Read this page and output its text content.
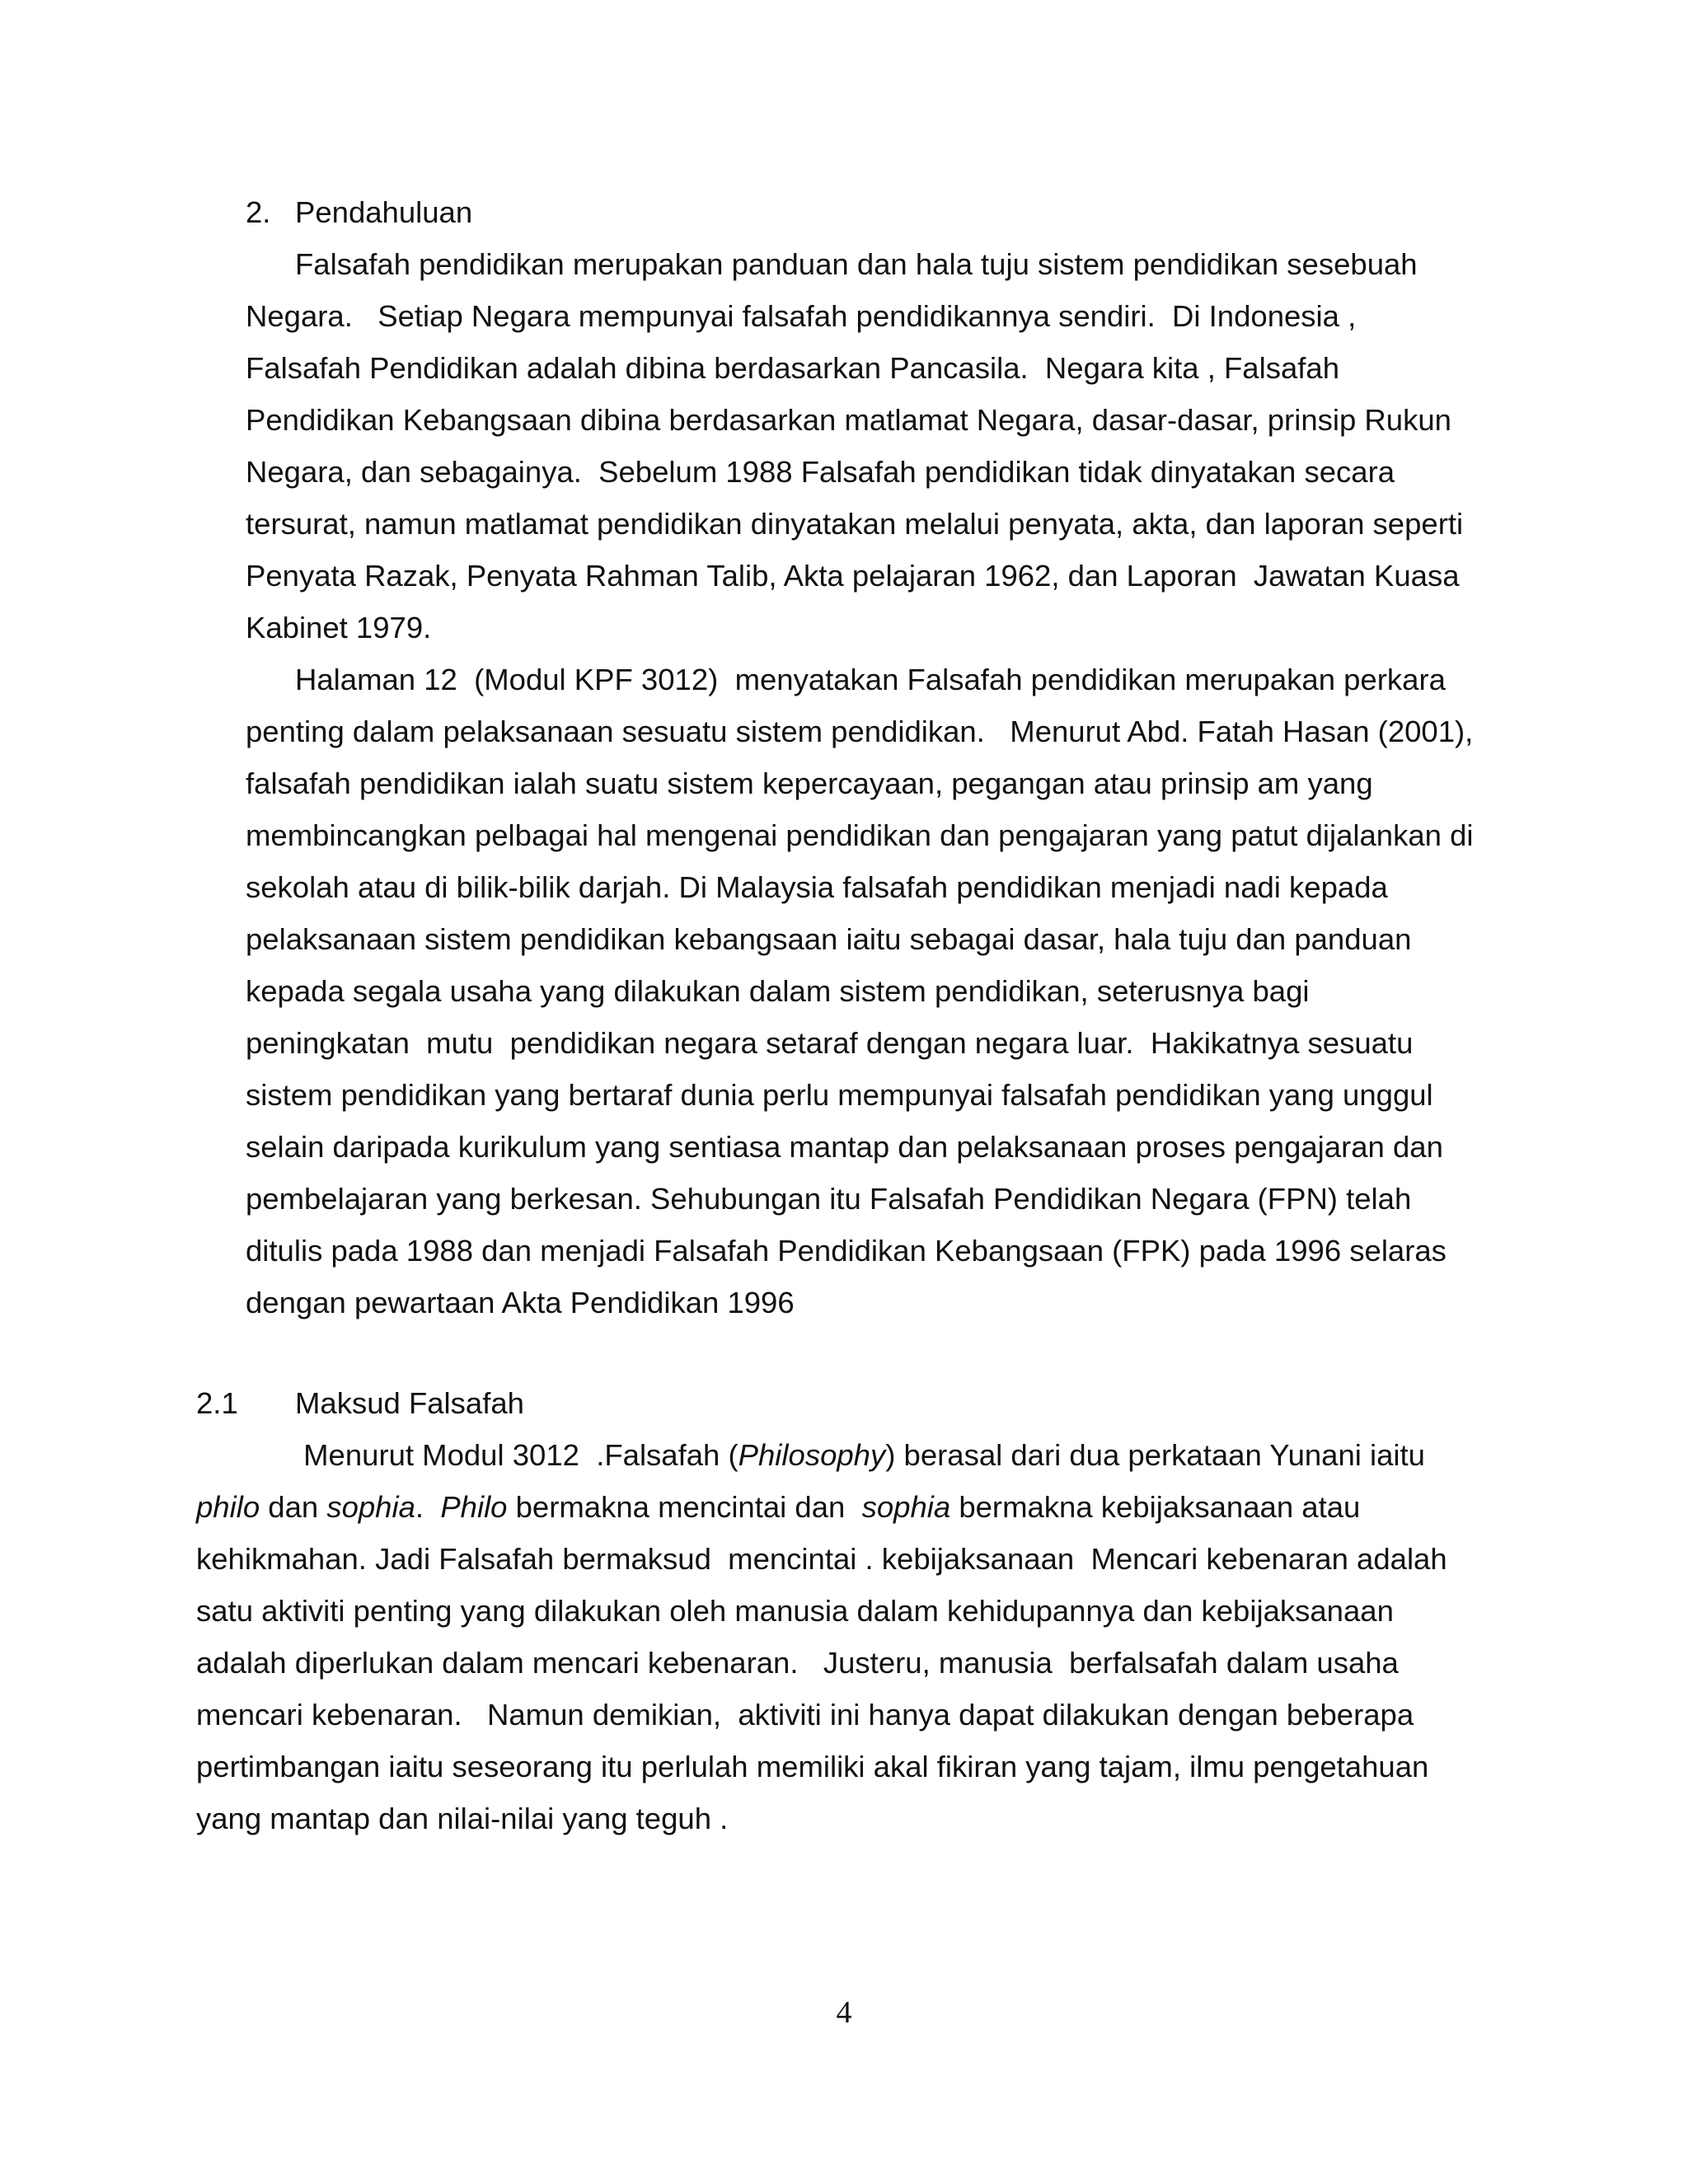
2. Pendahuluan

Falsafah pendidikan merupakan panduan dan hala tuju sistem pendidikan sesebuah

Negara.   Setiap Negara mempunyai falsafah pendidikannya sendiri.  Di Indonesia ,

Falsafah Pendidikan adalah dibina berdasarkan Pancasila.  Negara kita , Falsafah

Pendidikan Kebangsaan dibina berdasarkan matlamat Negara, dasar-dasar, prinsip Rukun

Negara, dan sebagainya.  Sebelum 1988 Falsafah pendidikan tidak dinyatakan secara

tersurat, namun matlamat pendidikan dinyatakan melalui penyata, akta, dan laporan seperti

Penyata Razak, Penyata Rahman Talib, Akta pelajaran 1962, dan Laporan  Jawatan Kuasa

Kabinet 1979.

Halaman 12  (Modul KPF 3012)  menyatakan Falsafah pendidikan merupakan perkara

penting dalam pelaksanaan sesuatu sistem pendidikan.   Menurut Abd. Fatah Hasan (2001),

falsafah pendidikan ialah suatu sistem kepercayaan, pegangan atau prinsip am yang

membincangkan pelbagai hal mengenai pendidikan dan pengajaran yang patut dijalankan di

sekolah atau di bilik-bilik darjah. Di Malaysia falsafah pendidikan menjadi nadi kepada

pelaksanaan sistem pendidikan kebangsaan iaitu sebagai dasar, hala tuju dan panduan

kepada segala usaha yang dilakukan dalam sistem pendidikan, seterusnya bagi

peningkatan  mutu  pendidikan negara setaraf dengan negara luar.  Hakikatnya sesuatu

sistem pendidikan yang bertaraf dunia perlu mempunyai falsafah pendidikan yang unggul

selain daripada kurikulum yang sentiasa mantap dan pelaksanaan proses pengajaran dan

pembelajaran yang berkesan. Sehubungan itu Falsafah Pendidikan Negara (FPN) telah

ditulis pada 1988 dan menjadi Falsafah Pendidikan Kebangsaan (FPK) pada 1996 selaras

dengan pewartaan Akta Pendidikan 1996

2.1 Maksud Falsafah

Menurut Modul 3012  .Falsafah (Philosophy) berasal dari dua perkataan Yunani iaitu

philo dan sophia.  Philo bermakna mencintai dan  sophia bermakna kebijaksanaan atau

kehikmahan. Jadi Falsafah bermaksud  mencintai . kebijaksanaan  Mencari kebenaran adalah

satu aktiviti penting yang dilakukan oleh manusia dalam kehidupannya dan kebijaksanaan

adalah diperlukan dalam mencari kebenaran.   Justeru, manusia  berfalsafah dalam usaha

mencari kebenaran.   Namun demikian,  aktiviti ini hanya dapat dilakukan dengan beberapa

pertimbangan iaitu seseorang itu perlulah memiliki akal fikiran yang tajam, ilmu pengetahuan

yang mantap dan nilai-nilai yang teguh .

4
